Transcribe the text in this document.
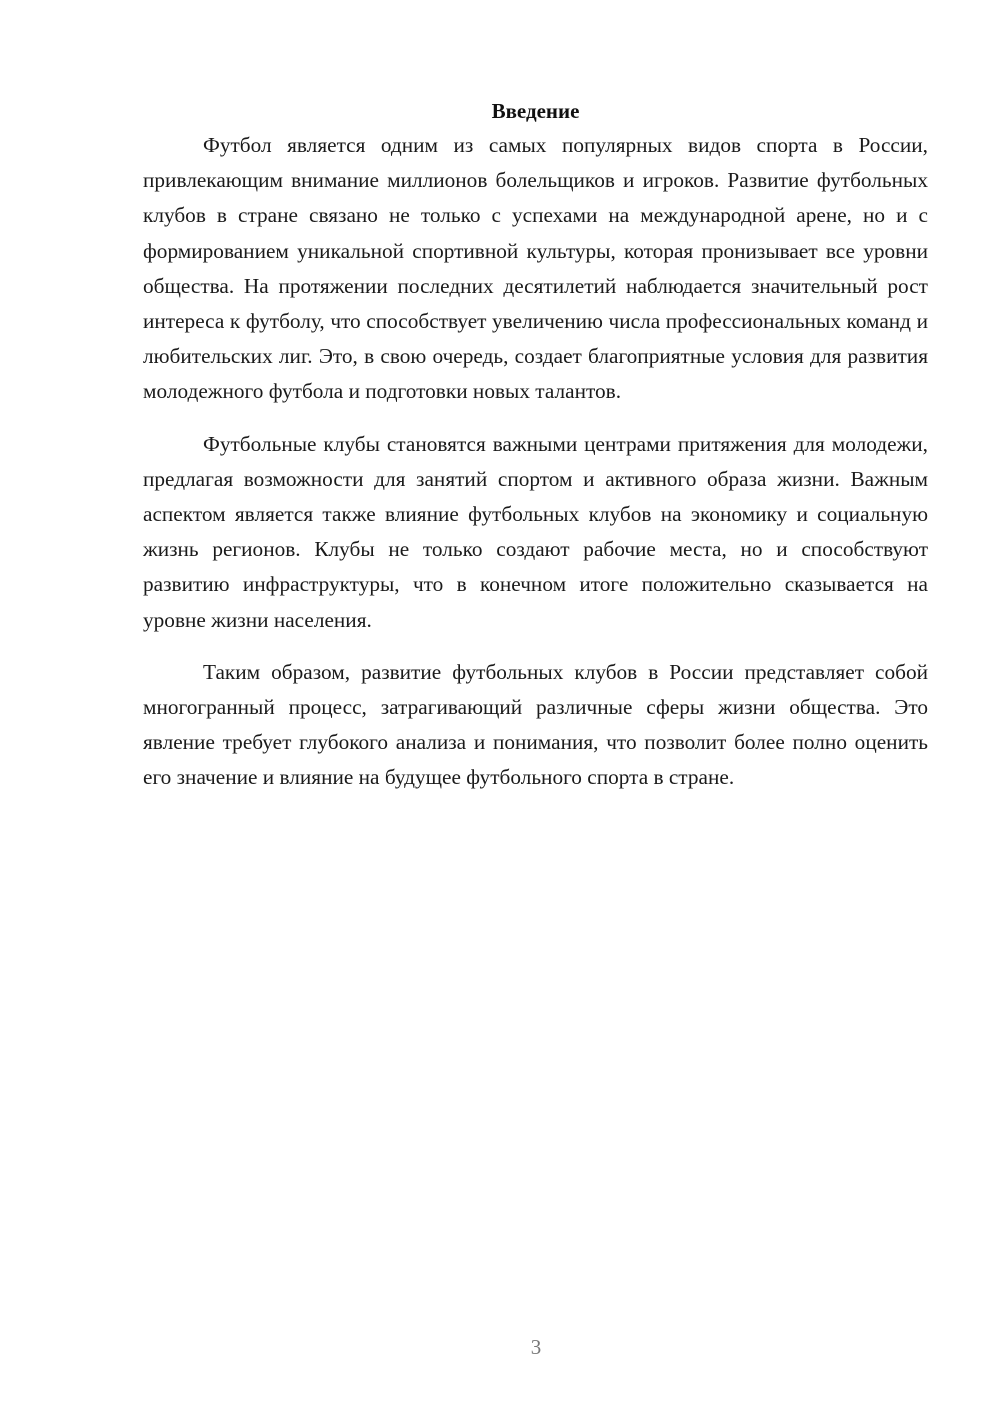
Введение

Футбол является одним из самых популярных видов спорта в России, привлекающим внимание миллионов болельщиков и игроков. Развитие футбольных клубов в стране связано не только с успехами на международной арене, но и с формированием уникальной спортивной культуры, которая пронизывает все уровни общества. На протяжении последних десятилетий наблюдается значительный рост интереса к футболу, что способствует увеличению числа профессиональных команд и любительских лиг. Это, в свою очередь, создает благоприятные условия для развития молодежного футбола и подготовки новых талантов.

Футбольные клубы становятся важными центрами притяжения для молодежи, предлагая возможности для занятий спортом и активного образа жизни. Важным аспектом является также влияние футбольных клубов на экономику и социальную жизнь регионов. Клубы не только создают рабочие места, но и способствуют развитию инфраструктуры, что в конечном итоге положительно сказывается на уровне жизни населения.

Таким образом, развитие футбольных клубов в России представляет собой многогранный процесс, затрагивающий различные сферы жизни общества. Это явление требует глубокого анализа и понимания, что позволит более полно оценить его значение и влияние на будущее футбольного спорта в стране.

3
